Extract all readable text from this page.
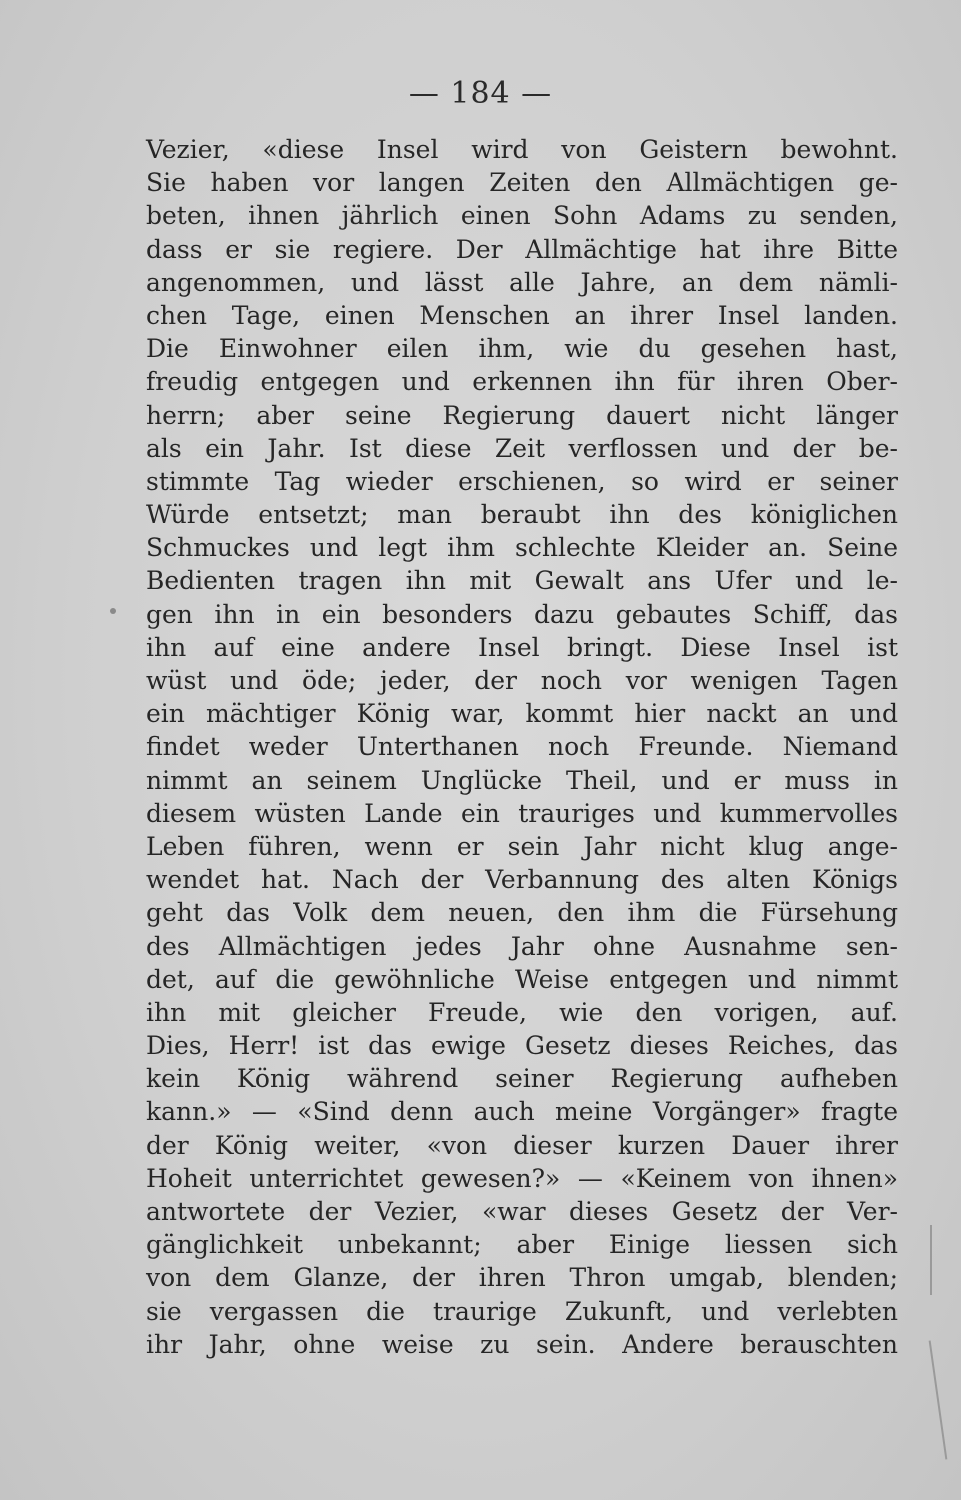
— 184 —
Vezier, «diese Insel wird von Geistern bewohnt.
Sie haben vor langen Zeiten den Allmächtigen ge-
beten, ihnen jährlich einen Sohn Adams zu senden,
dass er sie regiere. Der Allmächtige hat ihre Bitte
angenommen, und lässt alle Jahre, an dem nämli-
chen Tage, einen Menschen an ihrer Insel landen.
Die Einwohner eilen ihm, wie du gesehen hast,
freudig entgegen und erkennen ihn für ihren Ober-
herrn; aber seine Regierung dauert nicht länger
als ein Jahr. Ist diese Zeit verflossen und der be-
stimmte Tag wieder erschienen, so wird er seiner
Würde entsetzt; man beraubt ihn des königlichen
Schmuckes und legt ihm schlechte Kleider an. Seine
Bedienten tragen ihn mit Gewalt ans Ufer und le-
gen ihn in ein besonders dazu gebautes Schiff, das
ihn auf eine andere Insel bringt. Diese Insel ist
wüst und öde; jeder, der noch vor wenigen Tagen
ein mächtiger König war, kommt hier nackt an und
findet weder Unterthanen noch Freunde. Niemand
nimmt an seinem Unglücke Theil, und er muss in
diesem wüsten Lande ein trauriges und kummervolles
Leben führen, wenn er sein Jahr nicht klug ange-
wendet hat. Nach der Verbannung des alten Königs
geht das Volk dem neuen, den ihm die Fürsehung
des Allmächtigen jedes Jahr ohne Ausnahme sen-
det, auf die gewöhnliche Weise entgegen und nimmt
ihn mit gleicher Freude, wie den vorigen, auf.
Dies, Herr! ist das ewige Gesetz dieses Reiches, das
kein König während seiner Regierung aufheben
kann.» — «Sind denn auch meine Vorgänger» fragte
der König weiter, «von dieser kurzen Dauer ihrer
Hoheit unterrichtet gewesen?» — «Keinem von ihnen»
antwortete der Vezier, «war dieses Gesetz der Ver-
gänglichkeit unbekannt; aber Einige liessen sich
von dem Glanze, der ihren Thron umgab, blenden;
sie vergassen die traurige Zukunft, und verlebten
ihr Jahr, ohne weise zu sein. Andere berauschten
